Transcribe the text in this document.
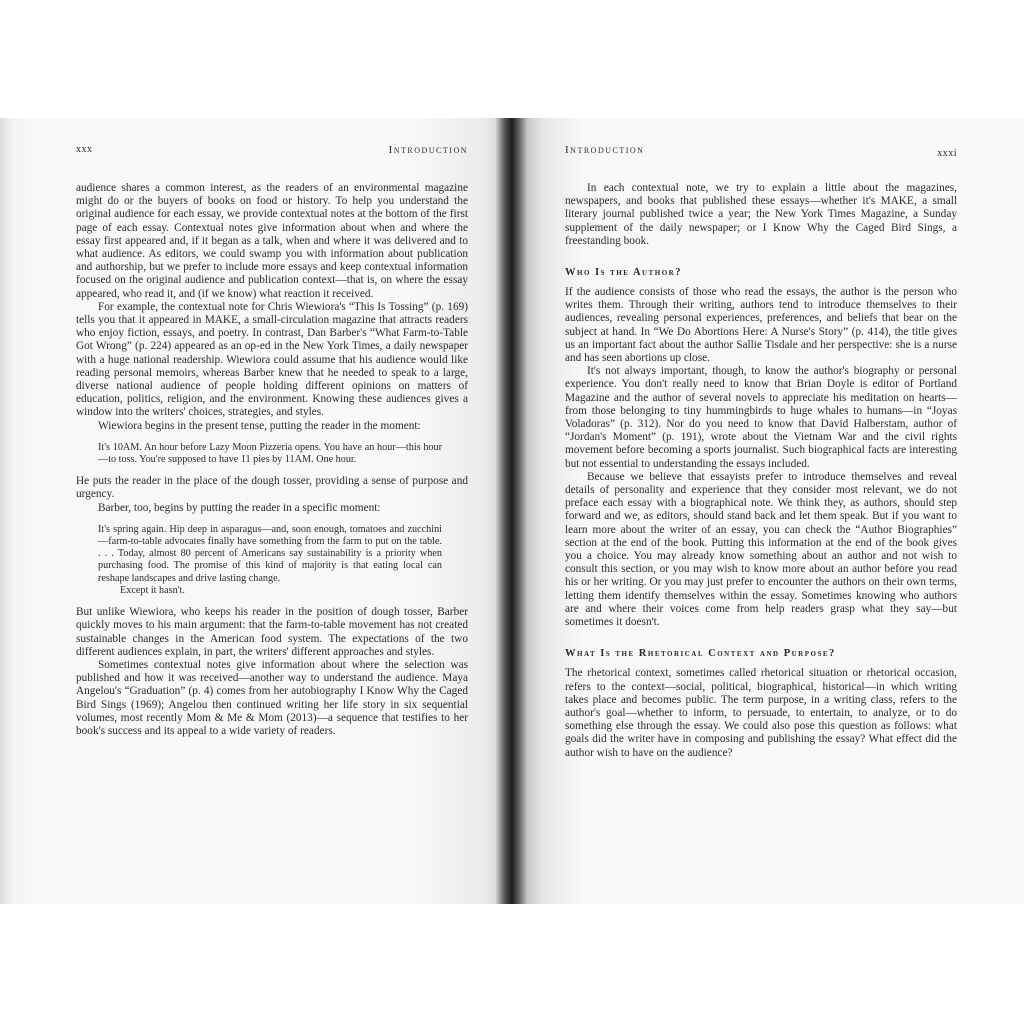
xxx	Introduction

audience shares a common interest, as the readers of an environmental magazine might do or the buyers of books on food or history. To help you understand the original audience for each essay, we provide contextual notes at the bottom of the first page of each essay. Contextual notes give information about when and where the essay first appeared and, if it began as a talk, when and where it was delivered and to what audience. As editors, we could swamp you with information about publication and authorship, but we prefer to include more essays and keep contextual information focused on the original audience and publication context—that is, on where the essay appeared, who read it, and (if we know) what reaction it received.

For example, the contextual note for Chris Wiewiora's “This Is Tossing” (p. 169) tells you that it appeared in MAKE, a small-circulation magazine that attracts readers who enjoy fiction, essays, and poetry. In contrast, Dan Barber's “What Farm-to-Table Got Wrong” (p. 224) appeared as an op-ed in the New York Times, a daily newspaper with a huge national readership. Wiewiora could assume that his audience would like reading personal memoirs, whereas Barber knew that he needed to speak to a large, diverse national audience of people holding different opinions on matters of education, politics, religion, and the environment. Knowing these audiences gives a window into the writers' choices, strategies, and styles.

Wiewiora begins in the present tense, putting the reader in the moment:

It's 10AM. An hour before Lazy Moon Pizzeria opens. You have an hour—this hour—to toss. You're supposed to have 11 pies by 11AM. One hour.

He puts the reader in the place of the dough tosser, providing a sense of purpose and urgency.

Barber, too, begins by putting the reader in a specific moment:

It's spring again. Hip deep in asparagus—and, soon enough, tomatoes and zucchini—farm-to-table advocates finally have something from the farm to put on the table. . . . Today, almost 80 percent of Americans say sustainability is a priority when purchasing food. The promise of this kind of majority is that eating local can reshape landscapes and drive lasting change.
Except it hasn't.

But unlike Wiewiora, who keeps his reader in the position of dough tosser, Barber quickly moves to his main argument: that the farm-to-table movement has not created sustainable changes in the American food system. The expectations of the two different audiences explain, in part, the writers' different approaches and styles.

Sometimes contextual notes give information about where the selection was published and how it was received—another way to understand the audience. Maya Angelou's “Graduation” (p. 4) comes from her autobiography I Know Why the Caged Bird Sings (1969); Angelou then continued writing her life story in six sequential volumes, most recently Mom & Me & Mom (2013)—a sequence that testifies to her book's success and its appeal to a wide variety of readers.

Introduction	xxxi

In each contextual note, we try to explain a little about the magazines, newspapers, and books that published these essays—whether it's MAKE, a small literary journal published twice a year; the New York Times Magazine, a Sunday supplement of the daily newspaper; or I Know Why the Caged Bird Sings, a freestanding book.

Who Is the Author?

If the audience consists of those who read the essays, the author is the person who writes them. Through their writing, authors tend to introduce themselves to their audiences, revealing personal experiences, preferences, and beliefs that bear on the subject at hand. In “We Do Abortions Here: A Nurse's Story” (p. 414), the title gives us an important fact about the author Sallie Tisdale and her perspective: she is a nurse and has seen abortions up close.

It's not always important, though, to know the author's biography or personal experience. You don't really need to know that Brian Doyle is editor of Portland Magazine and the author of several novels to appreciate his meditation on hearts—from those belonging to tiny hummingbirds to huge whales to humans—in “Joyas Voladoras” (p. 312). Nor do you need to know that David Halberstam, author of “Jordan's Moment” (p. 191), wrote about the Vietnam War and the civil rights movement before becoming a sports journalist. Such biographical facts are interesting but not essential to understanding the essays included.

Because we believe that essayists prefer to introduce themselves and reveal details of personality and experience that they consider most relevant, we do not preface each essay with a biographical note. We think they, as authors, should step forward and we, as editors, should stand back and let them speak. But if you want to learn more about the writer of an essay, you can check the “Author Biographies” section at the end of the book. Putting this information at the end of the book gives you a choice. You may already know something about an author and not wish to consult this section, or you may wish to know more about an author before you read his or her writing. Or you may just prefer to encounter the authors on their own terms, letting them identify themselves within the essay. Sometimes knowing who authors are and where their voices come from help readers grasp what they say—but sometimes it doesn't.

What Is the Rhetorical Context and Purpose?

The rhetorical context, sometimes called rhetorical situation or rhetorical occasion, refers to the context—social, political, biographical, historical—in which writing takes place and becomes public. The term purpose, in a writing class, refers to the author's goal—whether to inform, to persuade, to entertain, to analyze, or to do something else through the essay. We could also pose this question as follows: what goals did the writer have in composing and publishing the essay? What effect did the author wish to have on the audience?
